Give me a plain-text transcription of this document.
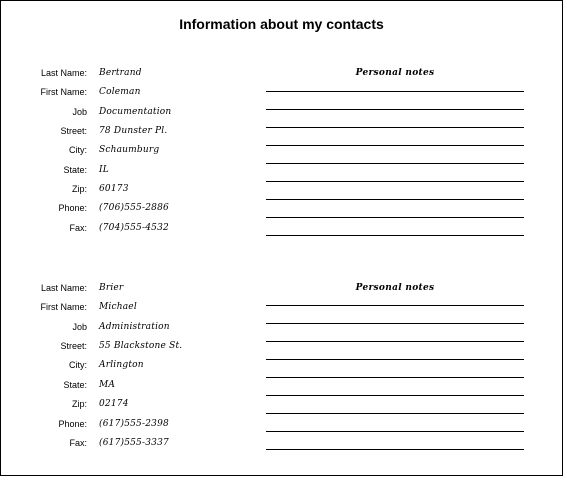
Information about my contacts
Last Name: Bertrand
First Name: Coleman
Job Documentation
Street: 78 Dunster Pl.
City: Schaumburg
State: IL
Zip: 60173
Phone: (706)555-2886
Fax: (704)555-4532
Personal notes
Last Name: Brier
First Name: Michael
Job Administration
Street: 55 Blackstone St.
City: Arlington
State: MA
Zip: 02174
Phone: (617)555-2398
Fax: (617)555-3337
Personal notes
